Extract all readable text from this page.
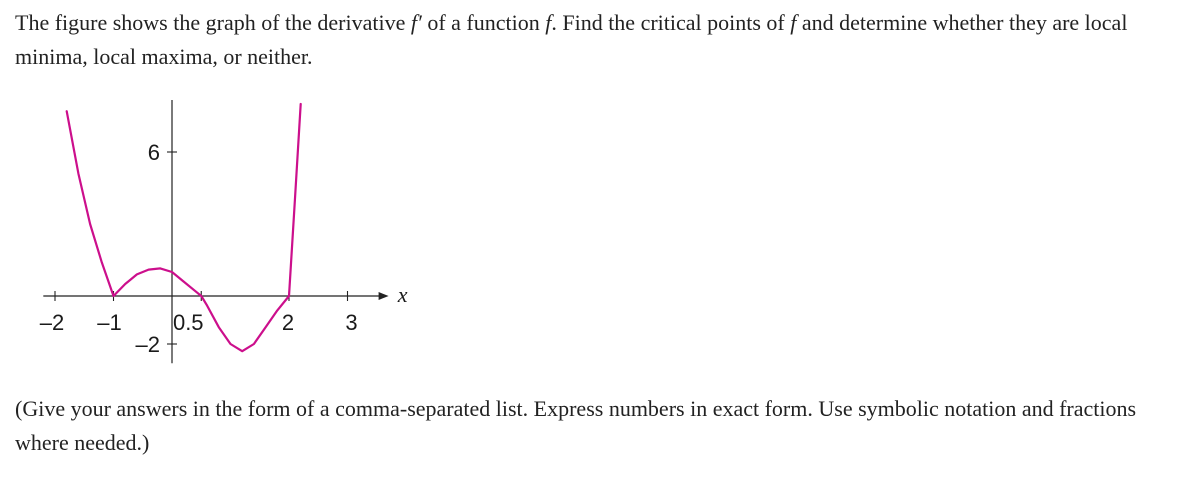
The figure shows the graph of the derivative f′ of a function f. Find the critical points of f and determine whether they are local minima, local maxima, or neither.

–2 –1 0.5	2 3
6
–2
x

(Give your answers in the form of a comma-separated list. Express numbers in exact form. Use symbolic notation and fractions where needed.)
